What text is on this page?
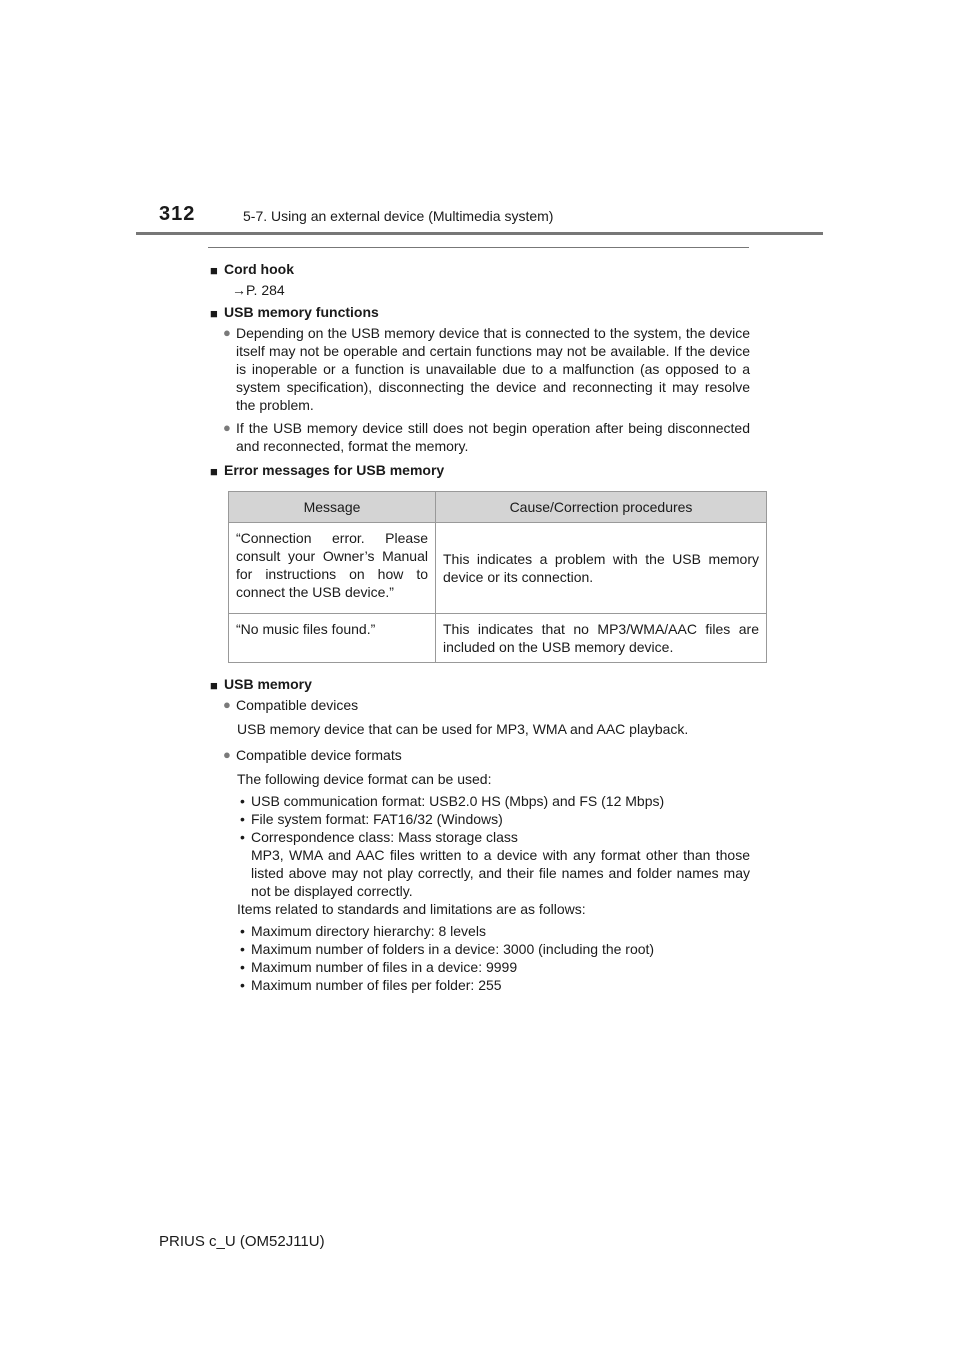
312	5-7. Using an external device (Multimedia system)
■ Cord hook
→P. 284
■ USB memory functions
● Depending on the USB memory device that is connected to the system, the device itself may not be operable and certain functions may not be available. If the device is inoperable or a function is unavailable due to a malfunction (as opposed to a system specification), disconnecting the device and reconnecting it may resolve the problem.
● If the USB memory device still does not begin operation after being disconnected and reconnected, format the memory.
■ Error messages for USB memory
Message	Cause/Correction procedures
“Connection error. Please consult your Owner’s Manual for instructions on how to connect the USB device.”	This indicates a problem with the USB memory device or its connection.
“No music files found.”	This indicates that no MP3/WMA/AAC files are included on the USB memory device.
■ USB memory
● Compatible devices
USB memory device that can be used for MP3, WMA and AAC playback.
● Compatible device formats
The following device format can be used:
• USB communication format: USB2.0 HS (Mbps) and FS (12 Mbps)
• File system format: FAT16/32 (Windows)
• Correspondence class: Mass storage class
MP3, WMA and AAC files written to a device with any format other than those listed above may not play correctly, and their file names and folder names may not be displayed correctly.
Items related to standards and limitations are as follows:
• Maximum directory hierarchy: 8 levels
• Maximum number of folders in a device: 3000 (including the root)
• Maximum number of files in a device: 9999
• Maximum number of files per folder: 255
PRIUS c_U (OM52J11U)
